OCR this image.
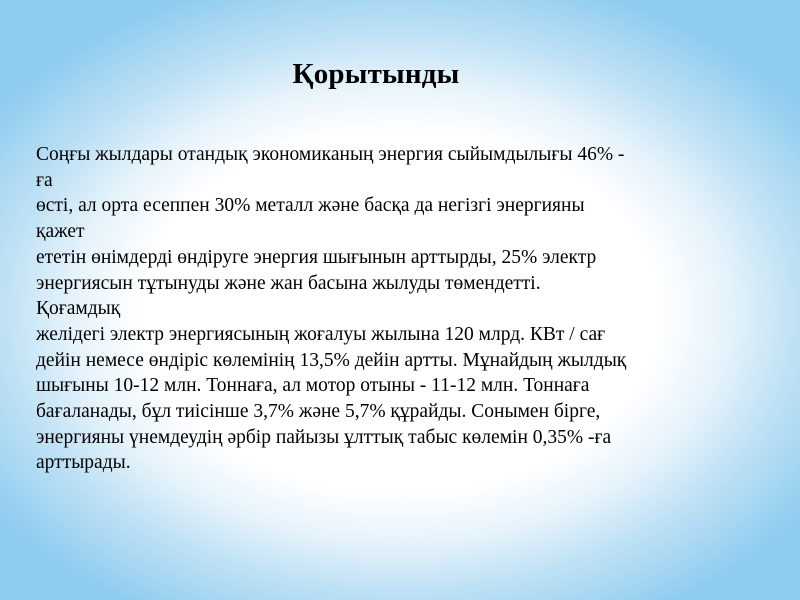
Қорытынды
Соңғы жылдары отандық экономиканың энергия сыйымдылығы 46% -
ға
өсті, ал орта есеппен 30% металл және басқа да негізгі энергияны
қажет
ететін өнімдерді өндіруге энергия шығынын арттырды, 25% электр
энергиясын тұтынуды және жан басына жылуды төмендетті.
Қоғамдық
желідегі электр энергиясының жоғалуы жылына 120 млрд. КВт / сағ
дейін немесе өндіріс көлемінің 13,5% дейін артты. Мұнайдың жылдық
шығыны 10-12 млн. Тоннаға, ал мотор отыны - 11-12 млн. Тоннаға
бағаланады, бұл тиісінше 3,7% және 5,7% құрайды. Сонымен бірге,
энергияны үнемдеудің әрбір пайызы ұлттық табыс көлемін 0,35% -ға
арттырады.
